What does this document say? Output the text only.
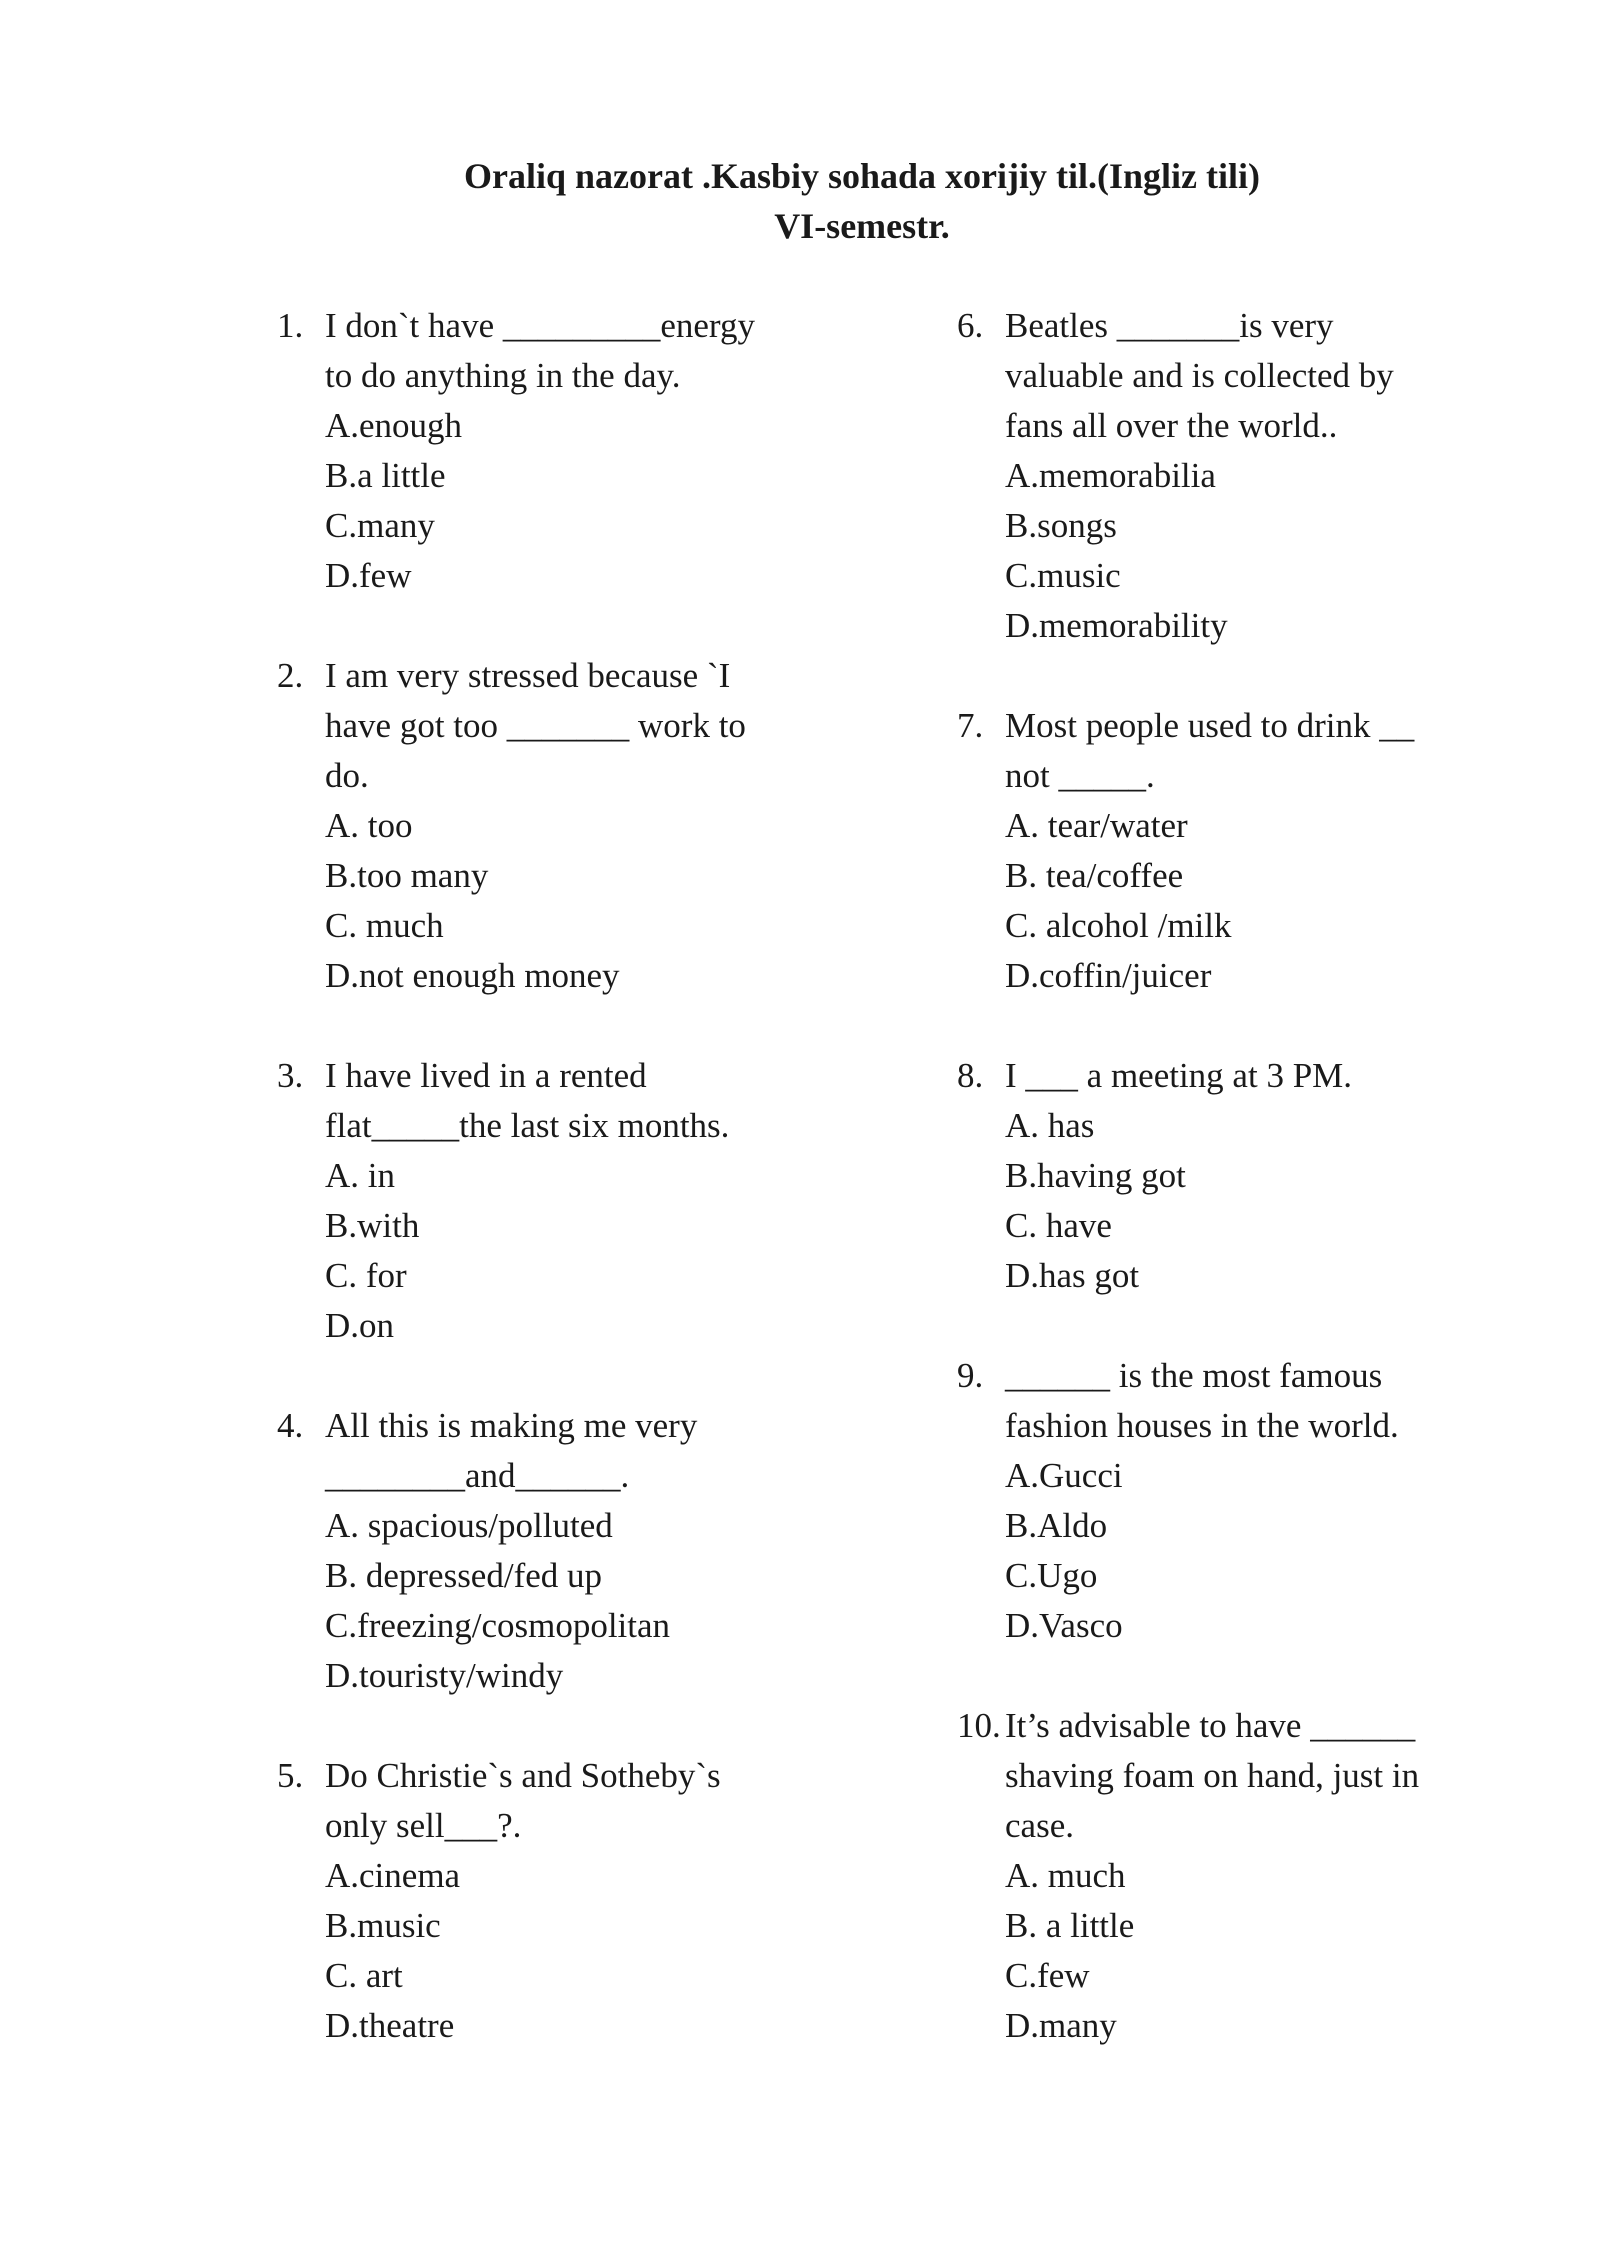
Oraliq nazorat .Kasbiy sohada xorijiy til.(Ingliz tili)
VI-semestr.
1. I don`t have _________energy
to do anything in the day.
A.enough
B.a little
C.many
D.few
2. I am very stressed because `I
have got too _______ work to
do.
A. too
B.too many
C. much
D.not enough money
3. I have lived in a rented
flat_____the last six months.
A. in
B.with
C. for
D.on
4. All this is making me very
________and______.
A. spacious/polluted
B. depressed/fed up
C.freezing/cosmopolitan
D.touristy/windy
5. Do Christie`s and Sotheby`s
only sell___?.
A.cinema
B.music
C. art
D.theatre
6. Beatles _______is very
valuable and is collected by
fans all over the world..
A.memorabilia
B.songs
C.music
D.memorability
7. Most people used to drink __
not _____.
A. tear/water
B. tea/coffee
C. alcohol /milk
D.coffin/juicer
8. I ___ a meeting at 3 PM.
A. has
B.having got
C. have
D.has got
9. ______ is the most famous
fashion houses in the world.
A.Gucci
B.Aldo
C.Ugo
D.Vasco
10. It’s advisable to have ______
shaving foam on hand, just in
case.
A. much
B. a little
C.few
D.many
